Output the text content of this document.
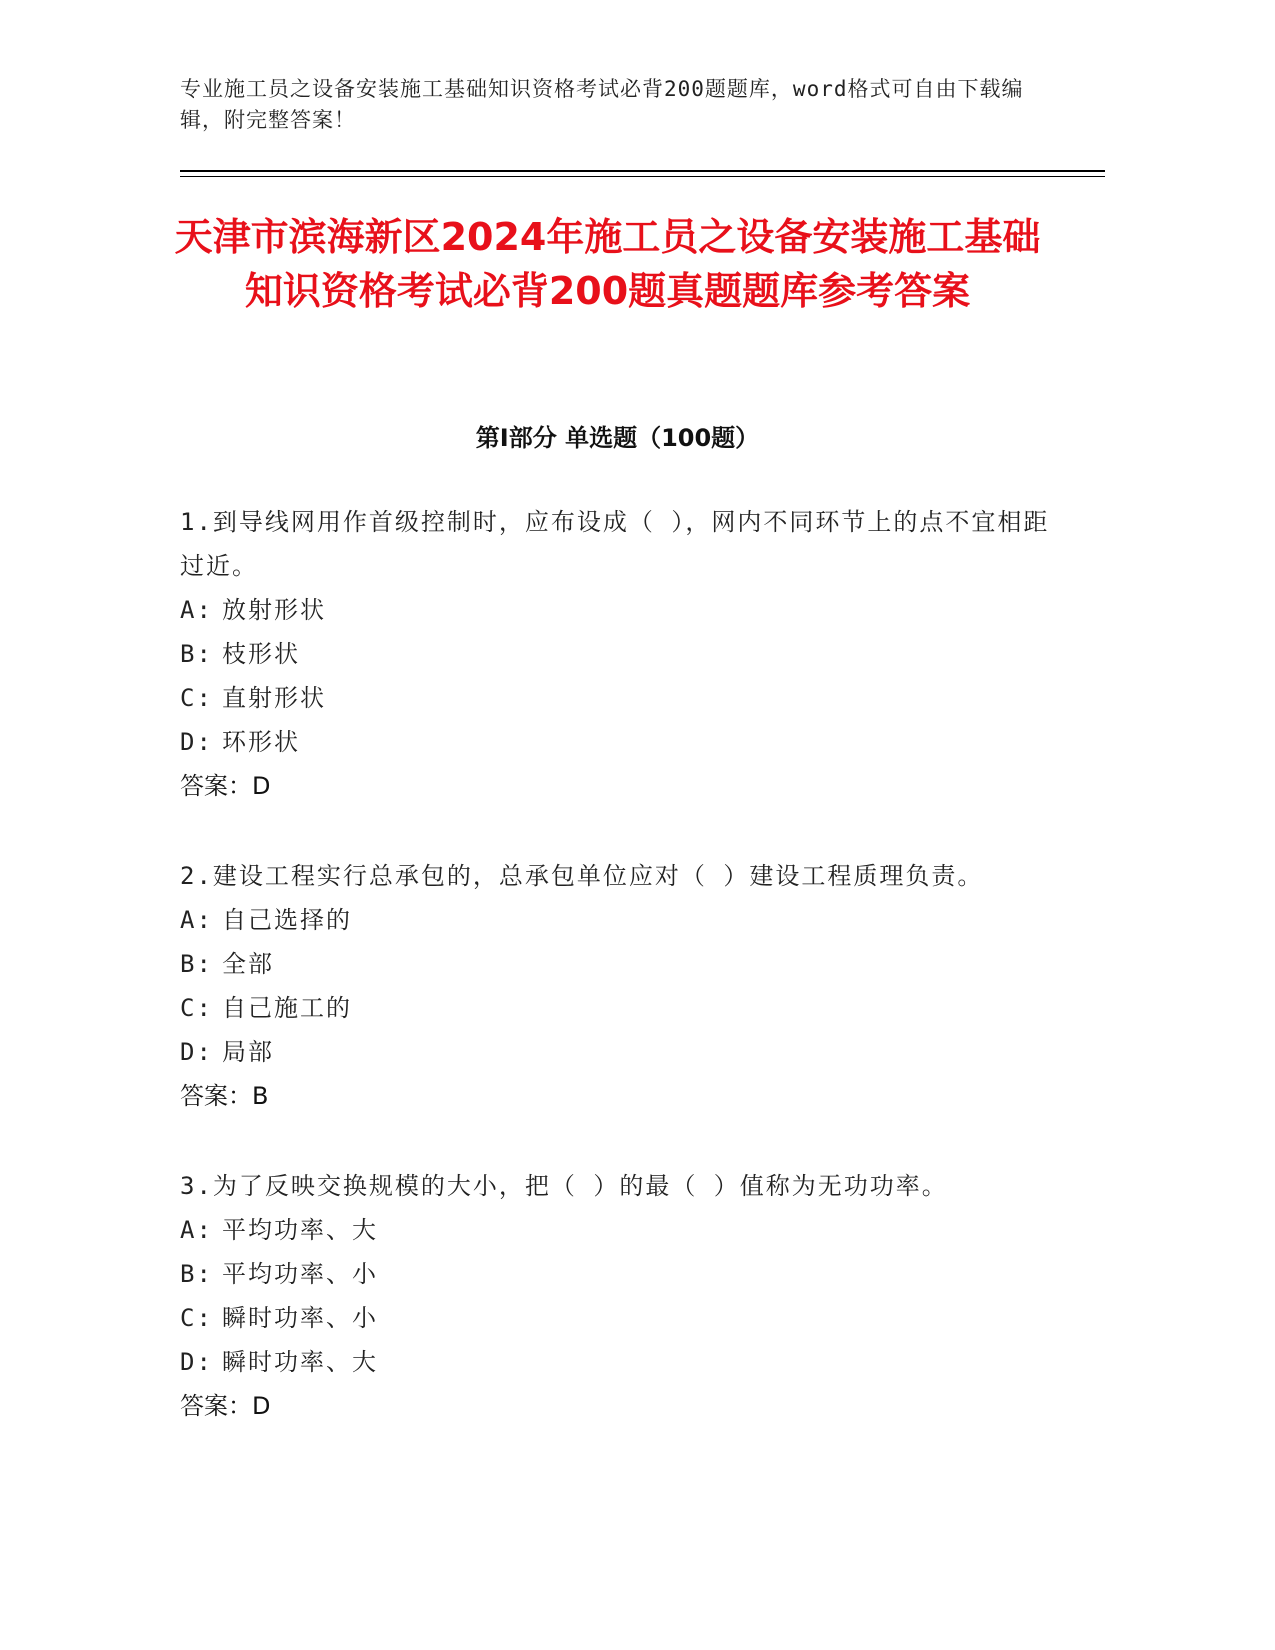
专业施工员之设备安装施工基础知识资格考试必背200题题库，word格式可自由下载编辑，附完整答案！
天津市滨海新区2024年施工员之设备安装施工基础知识资格考试必背200题真题题库参考答案
第Ⅰ部分 单选题（100题）
1.到导线网用作首级控制时，应布设成（ ），网内不同环节上的点不宜相距过近。
A: 放射形状
B: 枝形状
C: 直射形状
D: 环形状
答案：D
2.建设工程实行总承包的，总承包单位应对（ ）建设工程质理负责。
A: 自己选择的
B: 全部
C: 自己施工的
D: 局部
答案：B
3.为了反映交换规模的大小，把（ ）的最（ ）值称为无功功率。
A: 平均功率、大
B: 平均功率、小
C: 瞬时功率、小
D: 瞬时功率、大
答案：D
